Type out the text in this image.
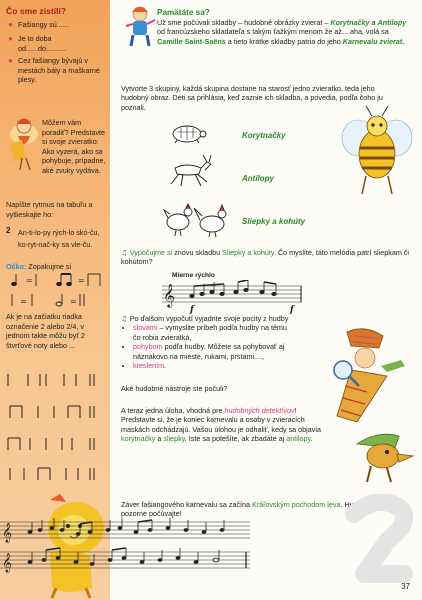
Čo sme zistili?
● Fašiangy sú......
● Je to doba od......do..........
● Cez fašiangy bývajú v mestách bály a maškarné plesy.
Môžem vám poradiť? Predstavte si svoje zvieratko: Ako vyzerá, ako sa pohybuje, prípadne, aké zvuky vydáva.
Napíšte rytmus na tabuľu a vytlieskajte ho:
2 An-ti-lo-py rých-lo skó-ču,
ko-ryt-nač-ky sa vle-ču.
Očko: Zopakujme si
=	=
=	=
Ak je na začiatku riadka označenie 2 alebo 2/4, v jednom takte môžu byť 2 štvrťové noty alebo ...
Pamätáte sa?
Už sme počúvali skladby – hudobné obrázky zvierat – Korytnačky a Antilopy od francúzskeho skladateľa s takým ťažkým menom že až... aha, volá sa Camille Saint-Saëns a tieto krátke skladby patria do jeho Karnevalu zvierat.
Vytvorte 3 skupiny, každá skupina dostane na starosť jedno zvieratko, teda jeho hudobný obraz. Deti sa prihlásia, keď zaznie ich skladba, a povedia, podľa čoho ju poznali.
Korytnačky
Antilopy
Sliepky a kohúty
♫ Vypočujme si znovu skladbu Sliepky a kohúty. Čo myslíte, táto melódia patrí sliepkam či kohútom?
Mierne rýchlo
𝄞
f
f
♫ Po ďalšom vypočutí vyjadrite svoje pocity z hudby
• slovami – vymyslite príbeh podľa hudby na tému čo robia zvieratká,
• pohybom podľa hudby. Môžete sa pohybovať aj náznakovo na mieste, rukami, prstami....,
• kreslením.
Aké hudobné nástroje ste počuli?
A teraz jedna úloha, vhodná pre hudobných detektívov! Predstavte si, že je koniec karnevalu a osoby v zvieracích maskách odchádzajú. Vašou úlohou je odhaliť, kedy sa objavia korytnačky a sliepky. Iste sa potešíte, ak zbadáte aj antilopy.
Záver fašiangového karnevalu sa začína Kráľovským pochodom leva. Hudobní detektívi, pozorne počúvajte!
𝄞
𝄞
37
